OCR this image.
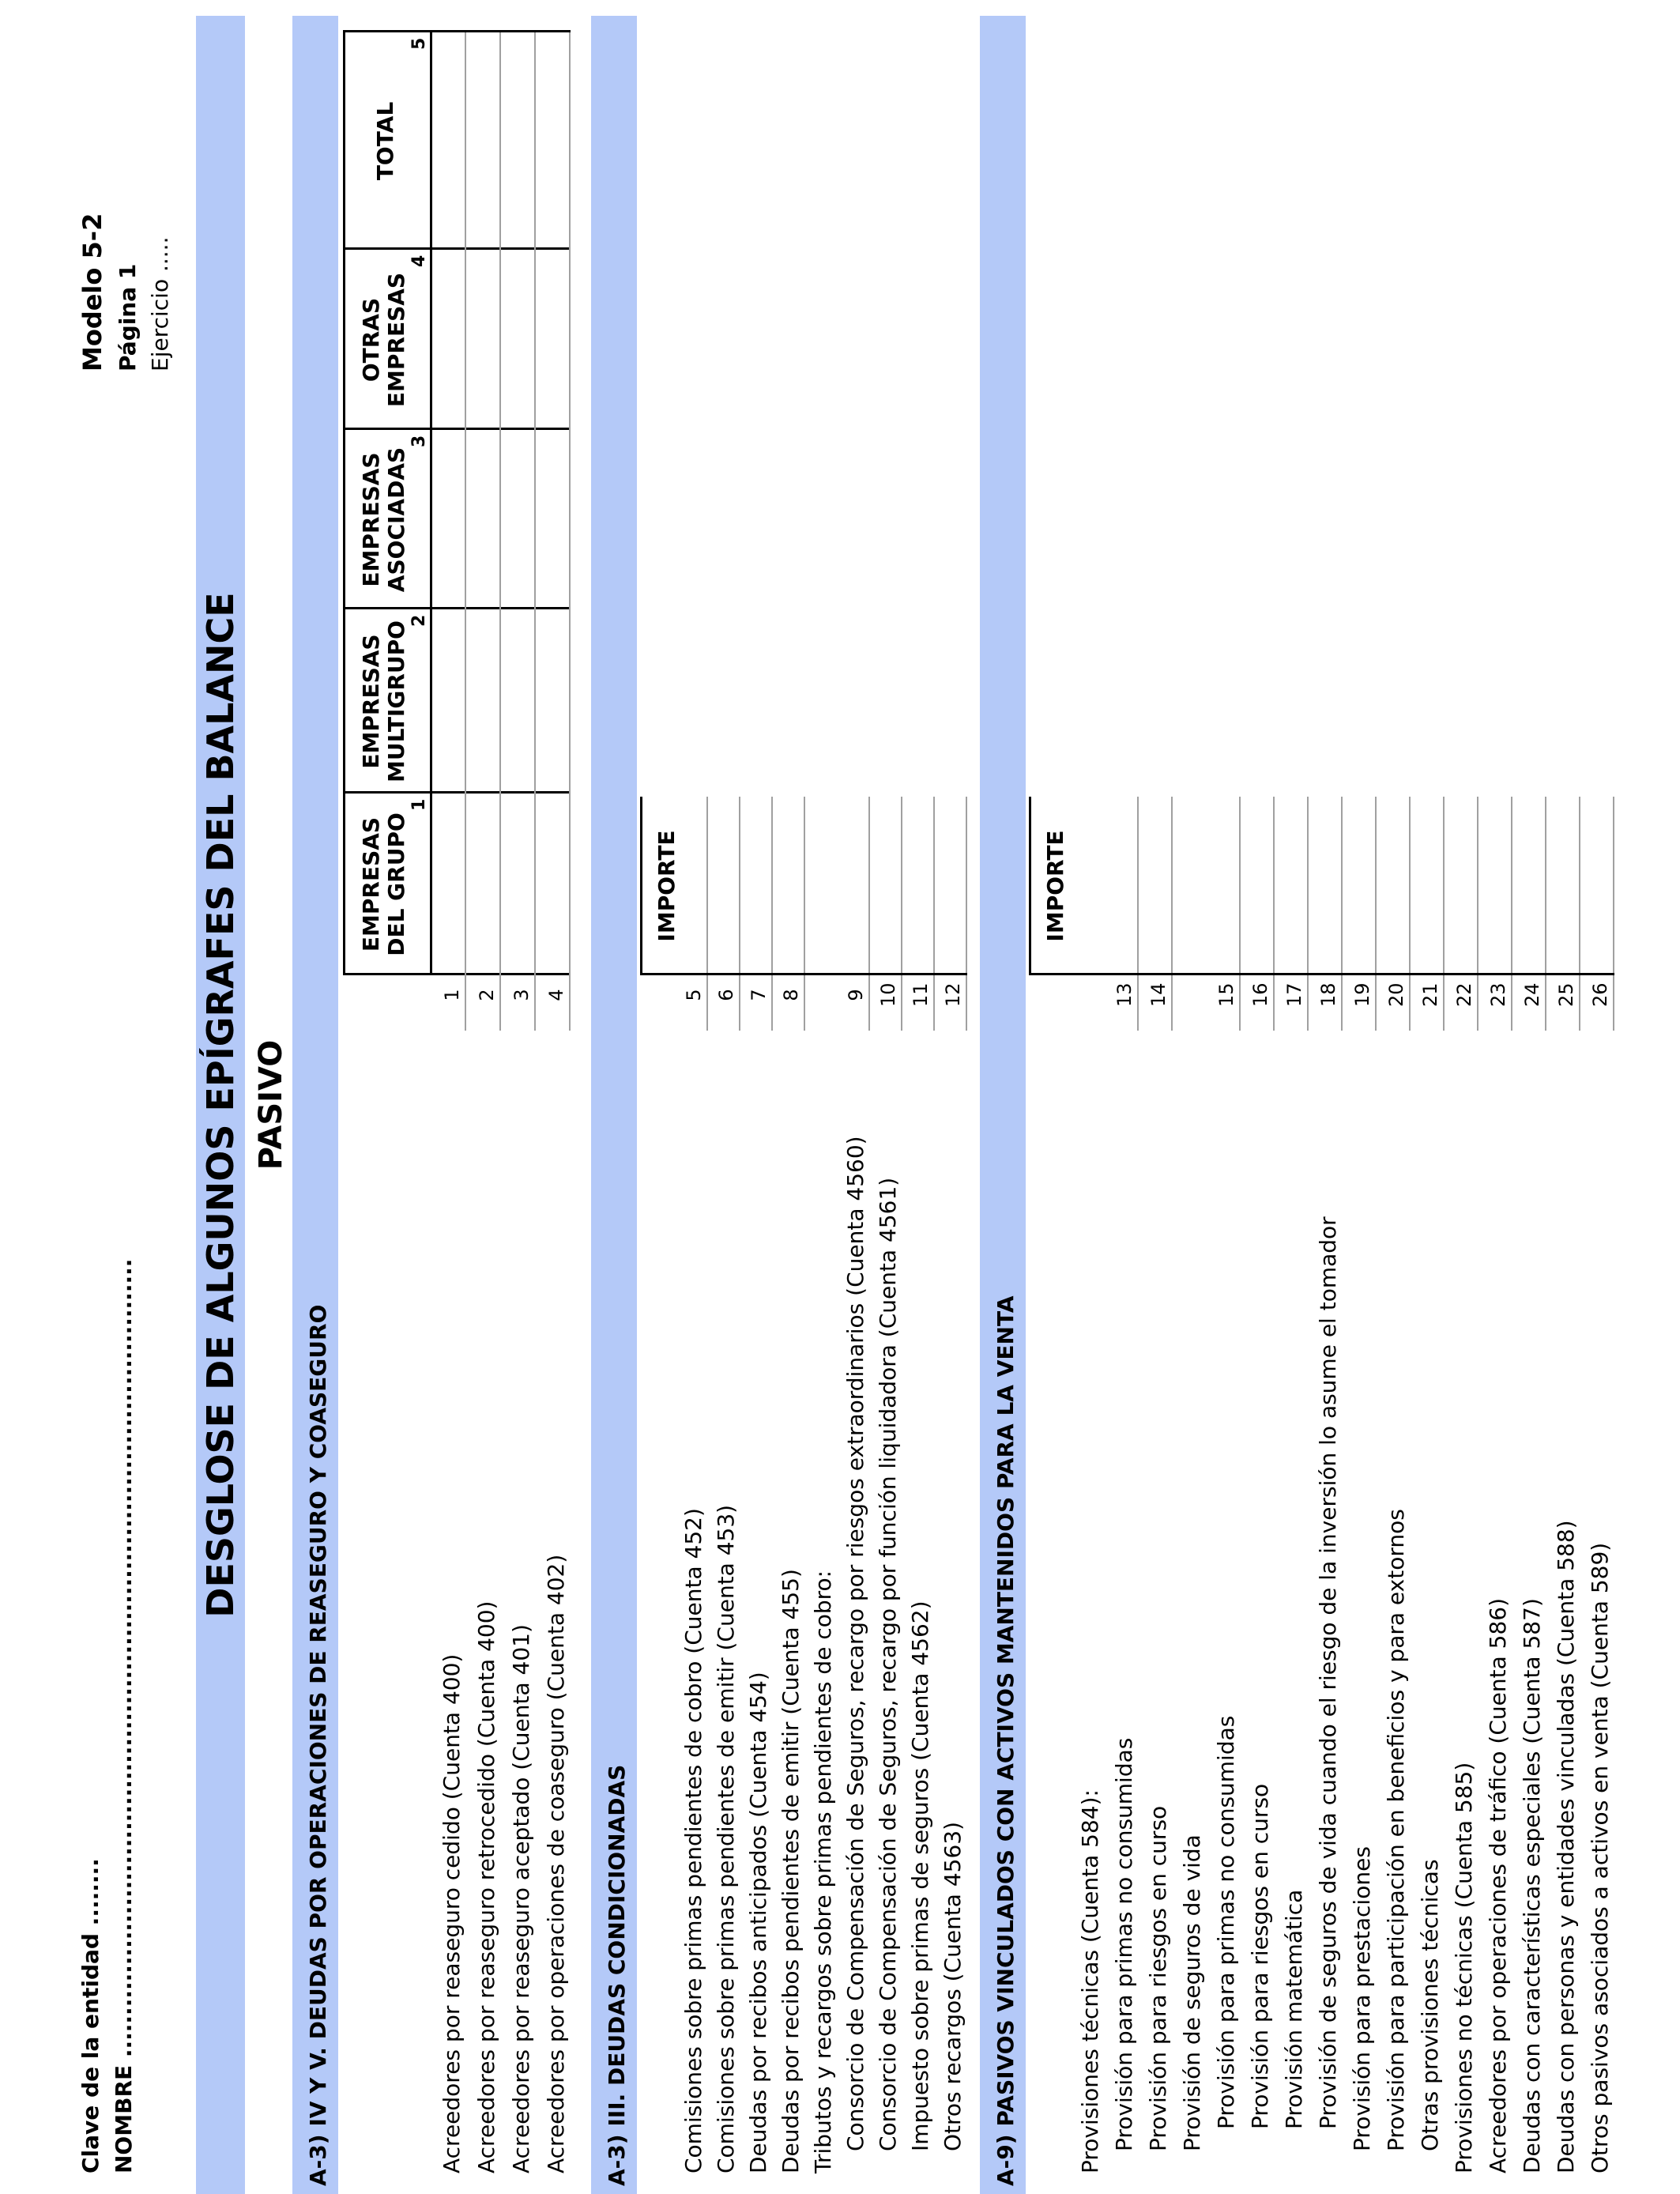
Clave de la entidad ........ NOMBRE ...............................................................................................
Modelo 5-2 Página 1 Ejercicio .....
DESGLOSE DE ALGUNOS EPÍGRAFES DEL BALANCE PASIVO
A-3) IV Y V. DEUDAS POR OPERACIONES DE REASEGURO Y COASEGURO	A-3) III. DEUDAS CONDICIONADAS	A-9) PASIVOS VINCULADOS CON ACTIVOS MANTENIDOS PARA LA VENTA
EMPRESAS DEL GRUPO
1
EMPRESAS MULTIGRUPO 2
EMPRESAS ASOCIADAS
3
OTRAS EMPRESAS
4
TOTAL
5
Acreedores por reaseguro cedido (Cuenta 400)
1
Acreedores por reaseguro retrocedido (Cuenta 400)
2
Acreedores por reaseguro aceptado (Cuenta 401)
3
Acreedores por operaciones de coaseguro (Cuenta 402)
4
Comisiones sobre primas pendientes de cobro (Cuenta 452)
5
Comisiones sobre primas pendientes de emitir (Cuenta 453)
6
Deudas por recibos anticipados (Cuenta 454)
7
Deudas por recibos pendientes de emitir (Cuenta 455)
8
Tributos y recargos sobre primas pendientes de cobro: Consorcio de Compensación de Seguros, recargo por riesgos extraordinarios (Cuenta 4560)
9
Consorcio de Compensación de Seguros, recargo por función liquidadora (Cuenta 4561)
10
Impuesto sobre primas de seguros (Cuenta 4562)
11
Otros recargos (Cuenta 4563)
12
IMPORTE
Provisiones técnicas (Cuenta 584): Provisión para primas no consumidas
13
Provisión para riesgos en curso
14
Provisión de seguros de vida Provisión para primas no consumidas
15
Provisión para riesgos en curso
16
Provisión matemática
17
Provisión de seguros de vida cuando el riesgo de la inversión lo asume el tomador
18
Provisión para prestaciones
19
Provisión para participación en beneficios y para extornos
20
Otras provisiones técnicas
21
Provisiones no técnicas (Cuenta 585)
22
Acreedores por operaciones de tráfico (Cuenta 586)
23
Deudas con características especiales (Cuenta 587)
24
Deudas con personas y entidades vinculadas (Cuenta 588)
25
Otros pasivos asociados a activos en venta (Cuenta 589)
26
IMPORTE
